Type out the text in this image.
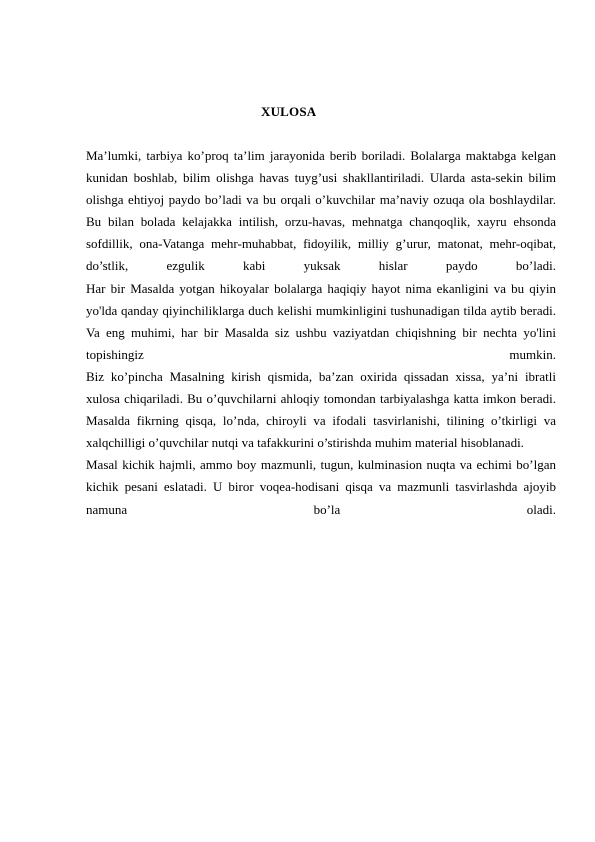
XULOSA

Ma’lumki, tarbiya ko’proq ta’lim jarayonida berib boriladi. Bolalarga maktabga kelgan kunidan boshlab, bilim olishga havas tuyg’usi shakllantiriladi. Ularda asta-sekin bilim olishga ehtiyoj paydo bo’ladi va bu orqali o’kuvchilar ma’naviy ozuqa ola boshlaydilar.

Bu bilan bolada kelajakka intilish, orzu-havas, mehnatga chanqoqlik, xayru ehsonda sofdillik, ona-Vatanga mehr-muhabbat, fidoyilik, milliy g’urur, matonat, mehr-oqibat, do’stlik, ezgulik kabi yuksak hislar paydo bo’ladi.

Har bir Masalda yotgan hikoyalar bolalarga haqiqiy hayot nima ekanligini va bu qiyin yo'lda qanday qiyinchiliklarga duch kelishi mumkinligini tushunadigan tilda aytib beradi. Va eng muhimi, har bir Masalda siz ushbu vaziyatdan chiqishning bir nechta yo'lini topishingiz mumkin.

Biz ko’pincha Masalning kirish qismida, ba’zan oxirida qissadan xissa, ya’ni ibratli xulosa chiqariladi. Bu o’quvchilarni ahloqiy tomondan tarbiyalashga katta imkon beradi.

Masalda fikrning qisqa, lo’nda, chiroyli va ifodali tasvirlanishi, tilining o’tkirligi va xalqchilligi o’quvchilar nutqi va tafakkurini o’stirishda muhim material hisoblanadi.

Masal kichik hajmli, ammo boy mazmunli, tugun, kulminasion nuqta va echimi bo’lgan kichik pesani eslatadi. U biror voqea-hodisani qisqa va mazmunli tasvirlashda ajoyib namuna bo’la oladi.
